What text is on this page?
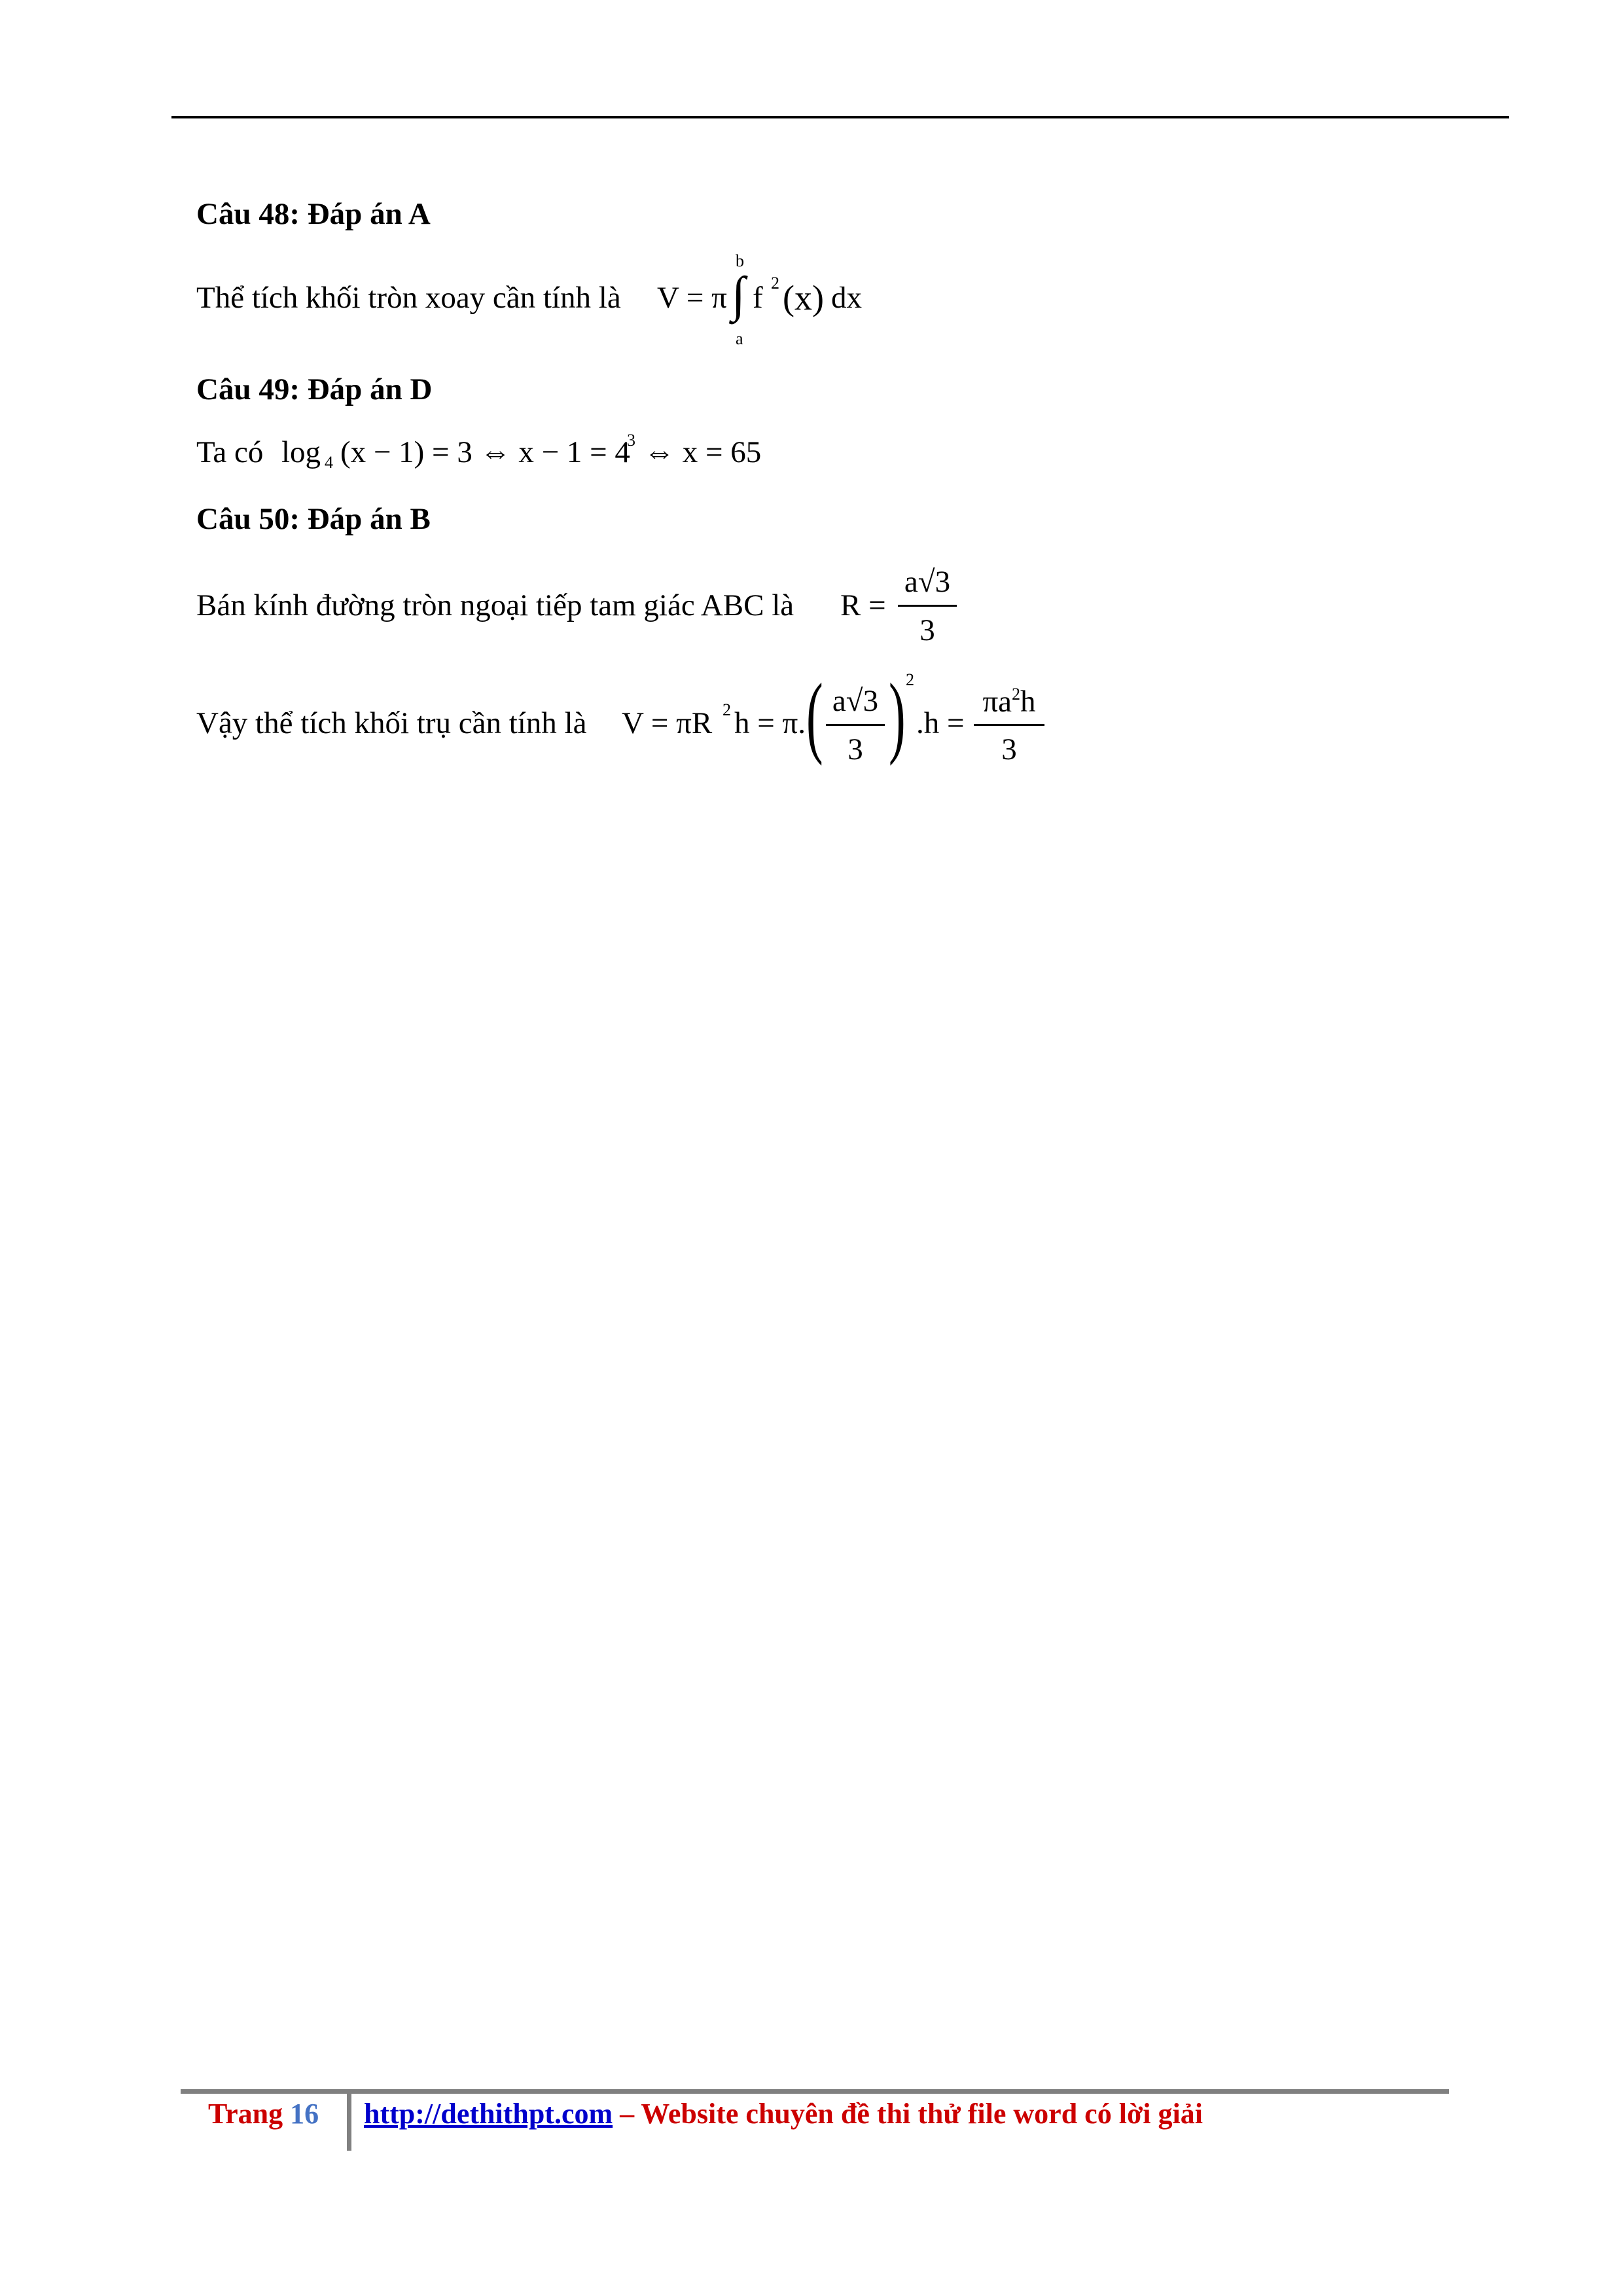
Câu 48: Đáp án A
Thể tích khối tròn xoay cần tính là V = π
b
∫
a
f 2 (x) dx
Câu 49: Đáp án D
Ta có log 4 (x − 1) = 3 ⇔ x − 1 = 4
3 ⇔ x = 65
Câu 50: Đáp án B
Bán kính đường tròn ngoại tiếp tam giác ABC là R =
a√3
3
Vậy thể tích khối trụ cần tính là V = πR 2 h = π. ( a√3
3 ) 2
.h =
$\pi a^2h$
3
Trang 16 http://dethithpt.com – Website chuyên đề thi thử file word có lời giải
